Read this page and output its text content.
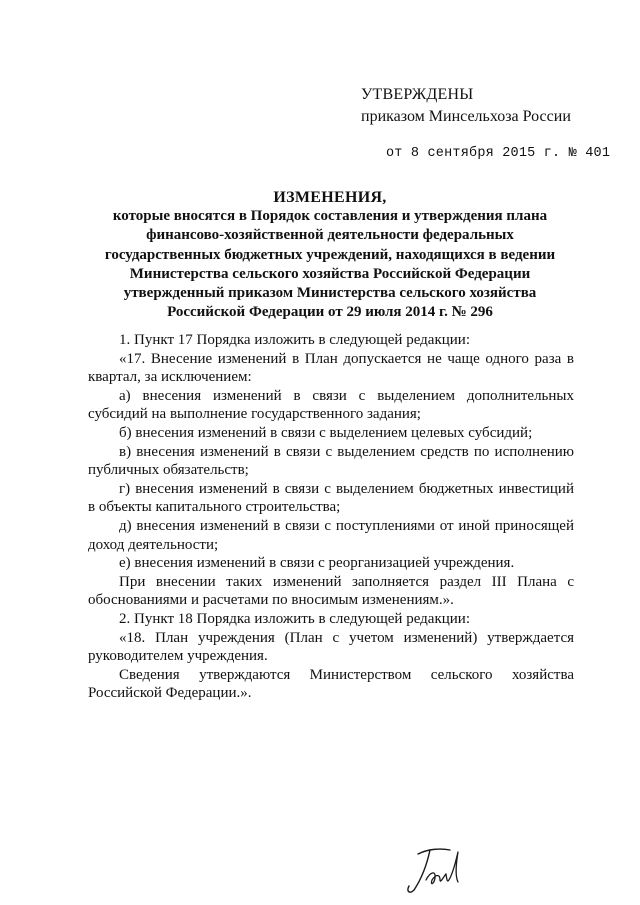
УТВЕРЖДЕНЫ
приказом Минсельхоза России
от 8 сентября 2015 г. № 401
ИЗМЕНЕНИЯ,
которые вносятся в Порядок составления и утверждения плана
финансово-хозяйственной деятельности федеральных
государственных бюджетных учреждений, находящихся в ведении
Министерства сельского хозяйства Российской Федерации
утвержденный приказом Министерства сельского хозяйства
Российской Федерации от 29 июля 2014 г. № 296

1. Пункт 17 Порядка изложить в следующей редакции:

«17. Внесение изменений в План допускается не чаще одного раза в квартал, за исключением:

а) внесения изменений в связи с выделением дополнительных субсидий на выполнение государственного задания;

б) внесения изменений в связи с выделением целевых субсидий;

в) внесения изменений в связи с выделением средств по исполнению публичных обязательств;

г) внесения изменений в связи с выделением бюджетных инвестиций в объекты капитального строительства;

д) внесения изменений в связи с поступлениями от иной приносящей доход деятельности;

е) внесения изменений в связи с реорганизацией учреждения.

При внесении таких изменений заполняется раздел III Плана с обоснованиями и расчетами по вносимым изменениям.».

2. Пункт 18 Порядка изложить в следующей редакции:

«18. План учреждения (План с учетом изменений) утверждается руководителем учреждения.

Сведения утверждаются Министерством сельского хозяйства Российской Федерации.».
